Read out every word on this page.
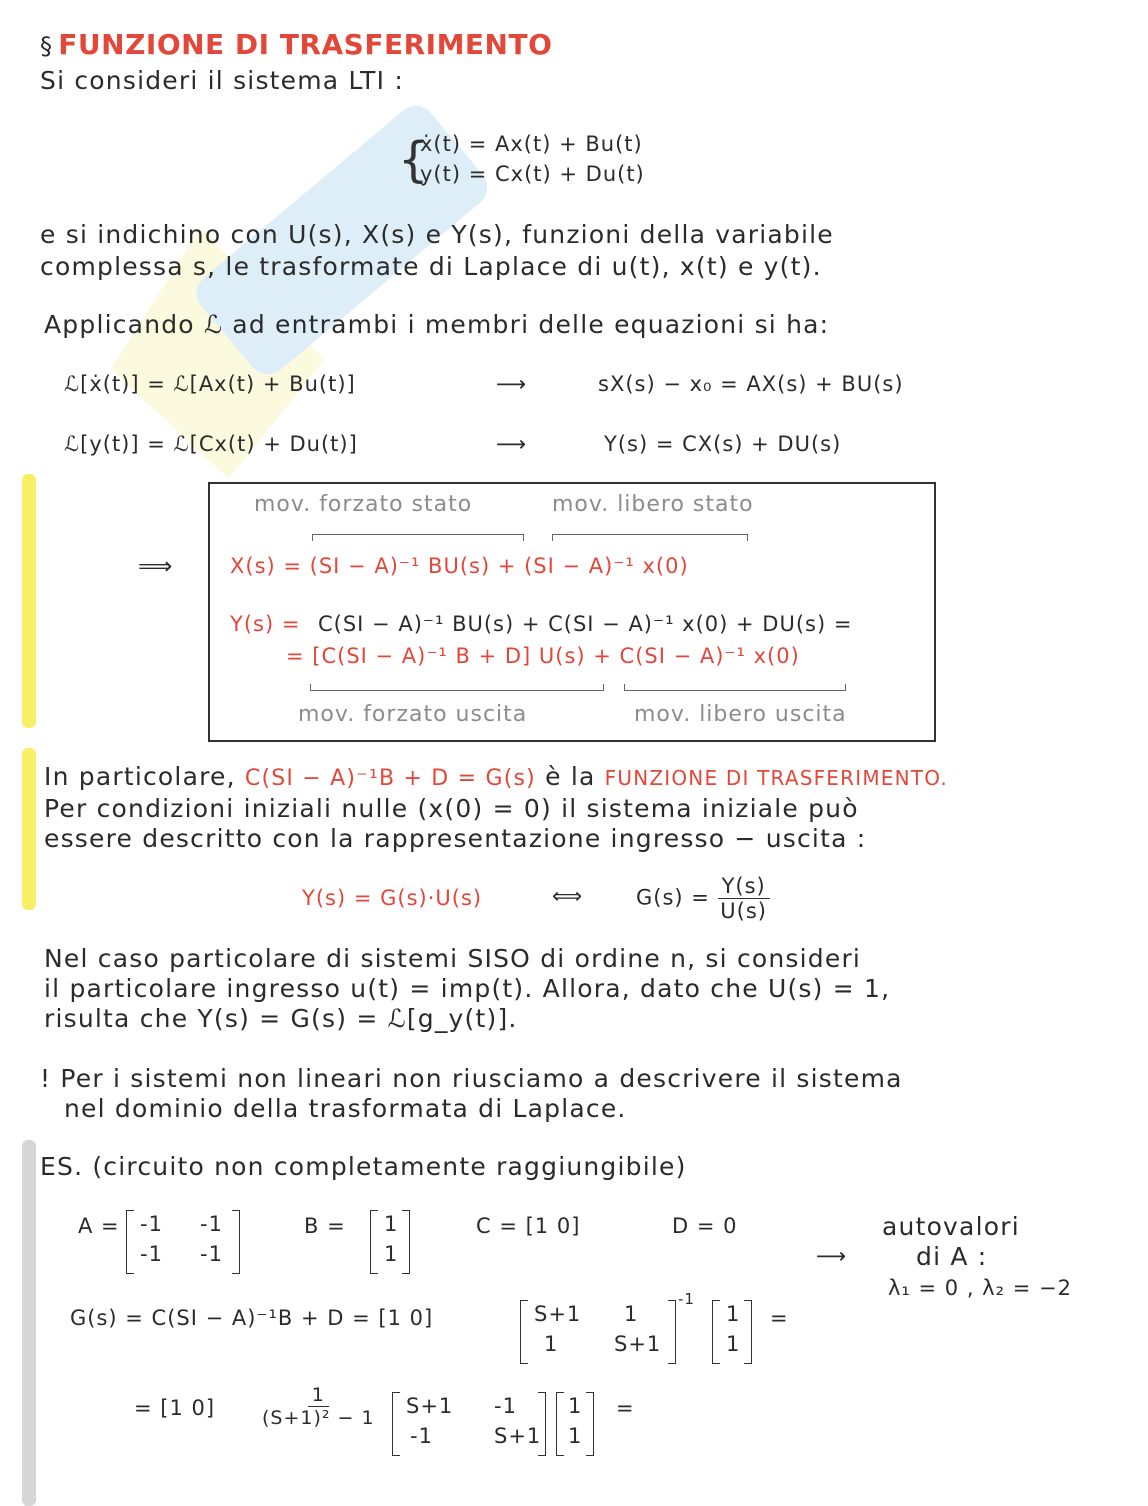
§ FUNZIONE DI TRASFERIMENTO
Si consideri il sistema LTI :
{
ẋ(t) = Ax(t) + Bu(t)
y(t) = Cx(t) + Du(t)
e si indichino con U(s), X(s) e Y(s), funzioni della variabile
complessa s, le trasformate di Laplace di u(t), x(t) e y(t).
Applicando ℒ ad entrambi i membri delle equazioni si ha:
ℒ[ẋ(t)] = ℒ[Ax(t) + Bu(t)]	⟶	sX(s) − x₀ = AX(s) + BU(s)
ℒ[y(t)] = ℒ[Cx(t) + Du(t)]	⟶	Y(s) = CX(s) + DU(s)
⟹
mov. forzato stato	mov. libero stato
X(s) = (SI − A)⁻¹ BU(s) + (SI − A)⁻¹ x(0)
Y(s) = C(SI − A)⁻¹ BU(s) + C(SI − A)⁻¹ x(0) + DU(s) =
= [C(SI − A)⁻¹ B + D] U(s) + C(SI − A)⁻¹ x(0)
mov. forzato uscita	mov. libero uscita
In particolare, C(SI − A)⁻¹B + D = G(s) è la FUNZIONE DI TRASFERIMENTO.
Per condizioni iniziali nulle (x(0) = 0) il sistema iniziale può
essere descritto con la rappresentazione ingresso − uscita :
Y(s) = G(s)·U(s)	⟺	$G(s) = \frac{Y(s)}{U(s)}$
Nel caso particolare di sistemi SISO di ordine n, si consideri
il particolare ingresso u(t) = imp(t). Allora, dato che U(s) = 1,
risulta che Y(s) = G(s) = ℒ[g_y(t)].
! Per i sistemi non lineari non riusciamo a descrivere il sistema
nel dominio della trasformata di Laplace.
ES. (circuito non completamente raggiungibile)
A = -1	-1
-1	-1
B = 1
1
C = [1 0]	D = 0
⟶
autovalori
di A :
λ₁ = 0 , λ₂ = −2
G(s) = C(SI − A)⁻¹B + D = [1 0]	S+1	1
1	S+1
-1
1
1
=
= [1 $0] \frac{1}{\text{(S+1)² − 1}} S+1$	-1
-1	S+1
1
1
=
